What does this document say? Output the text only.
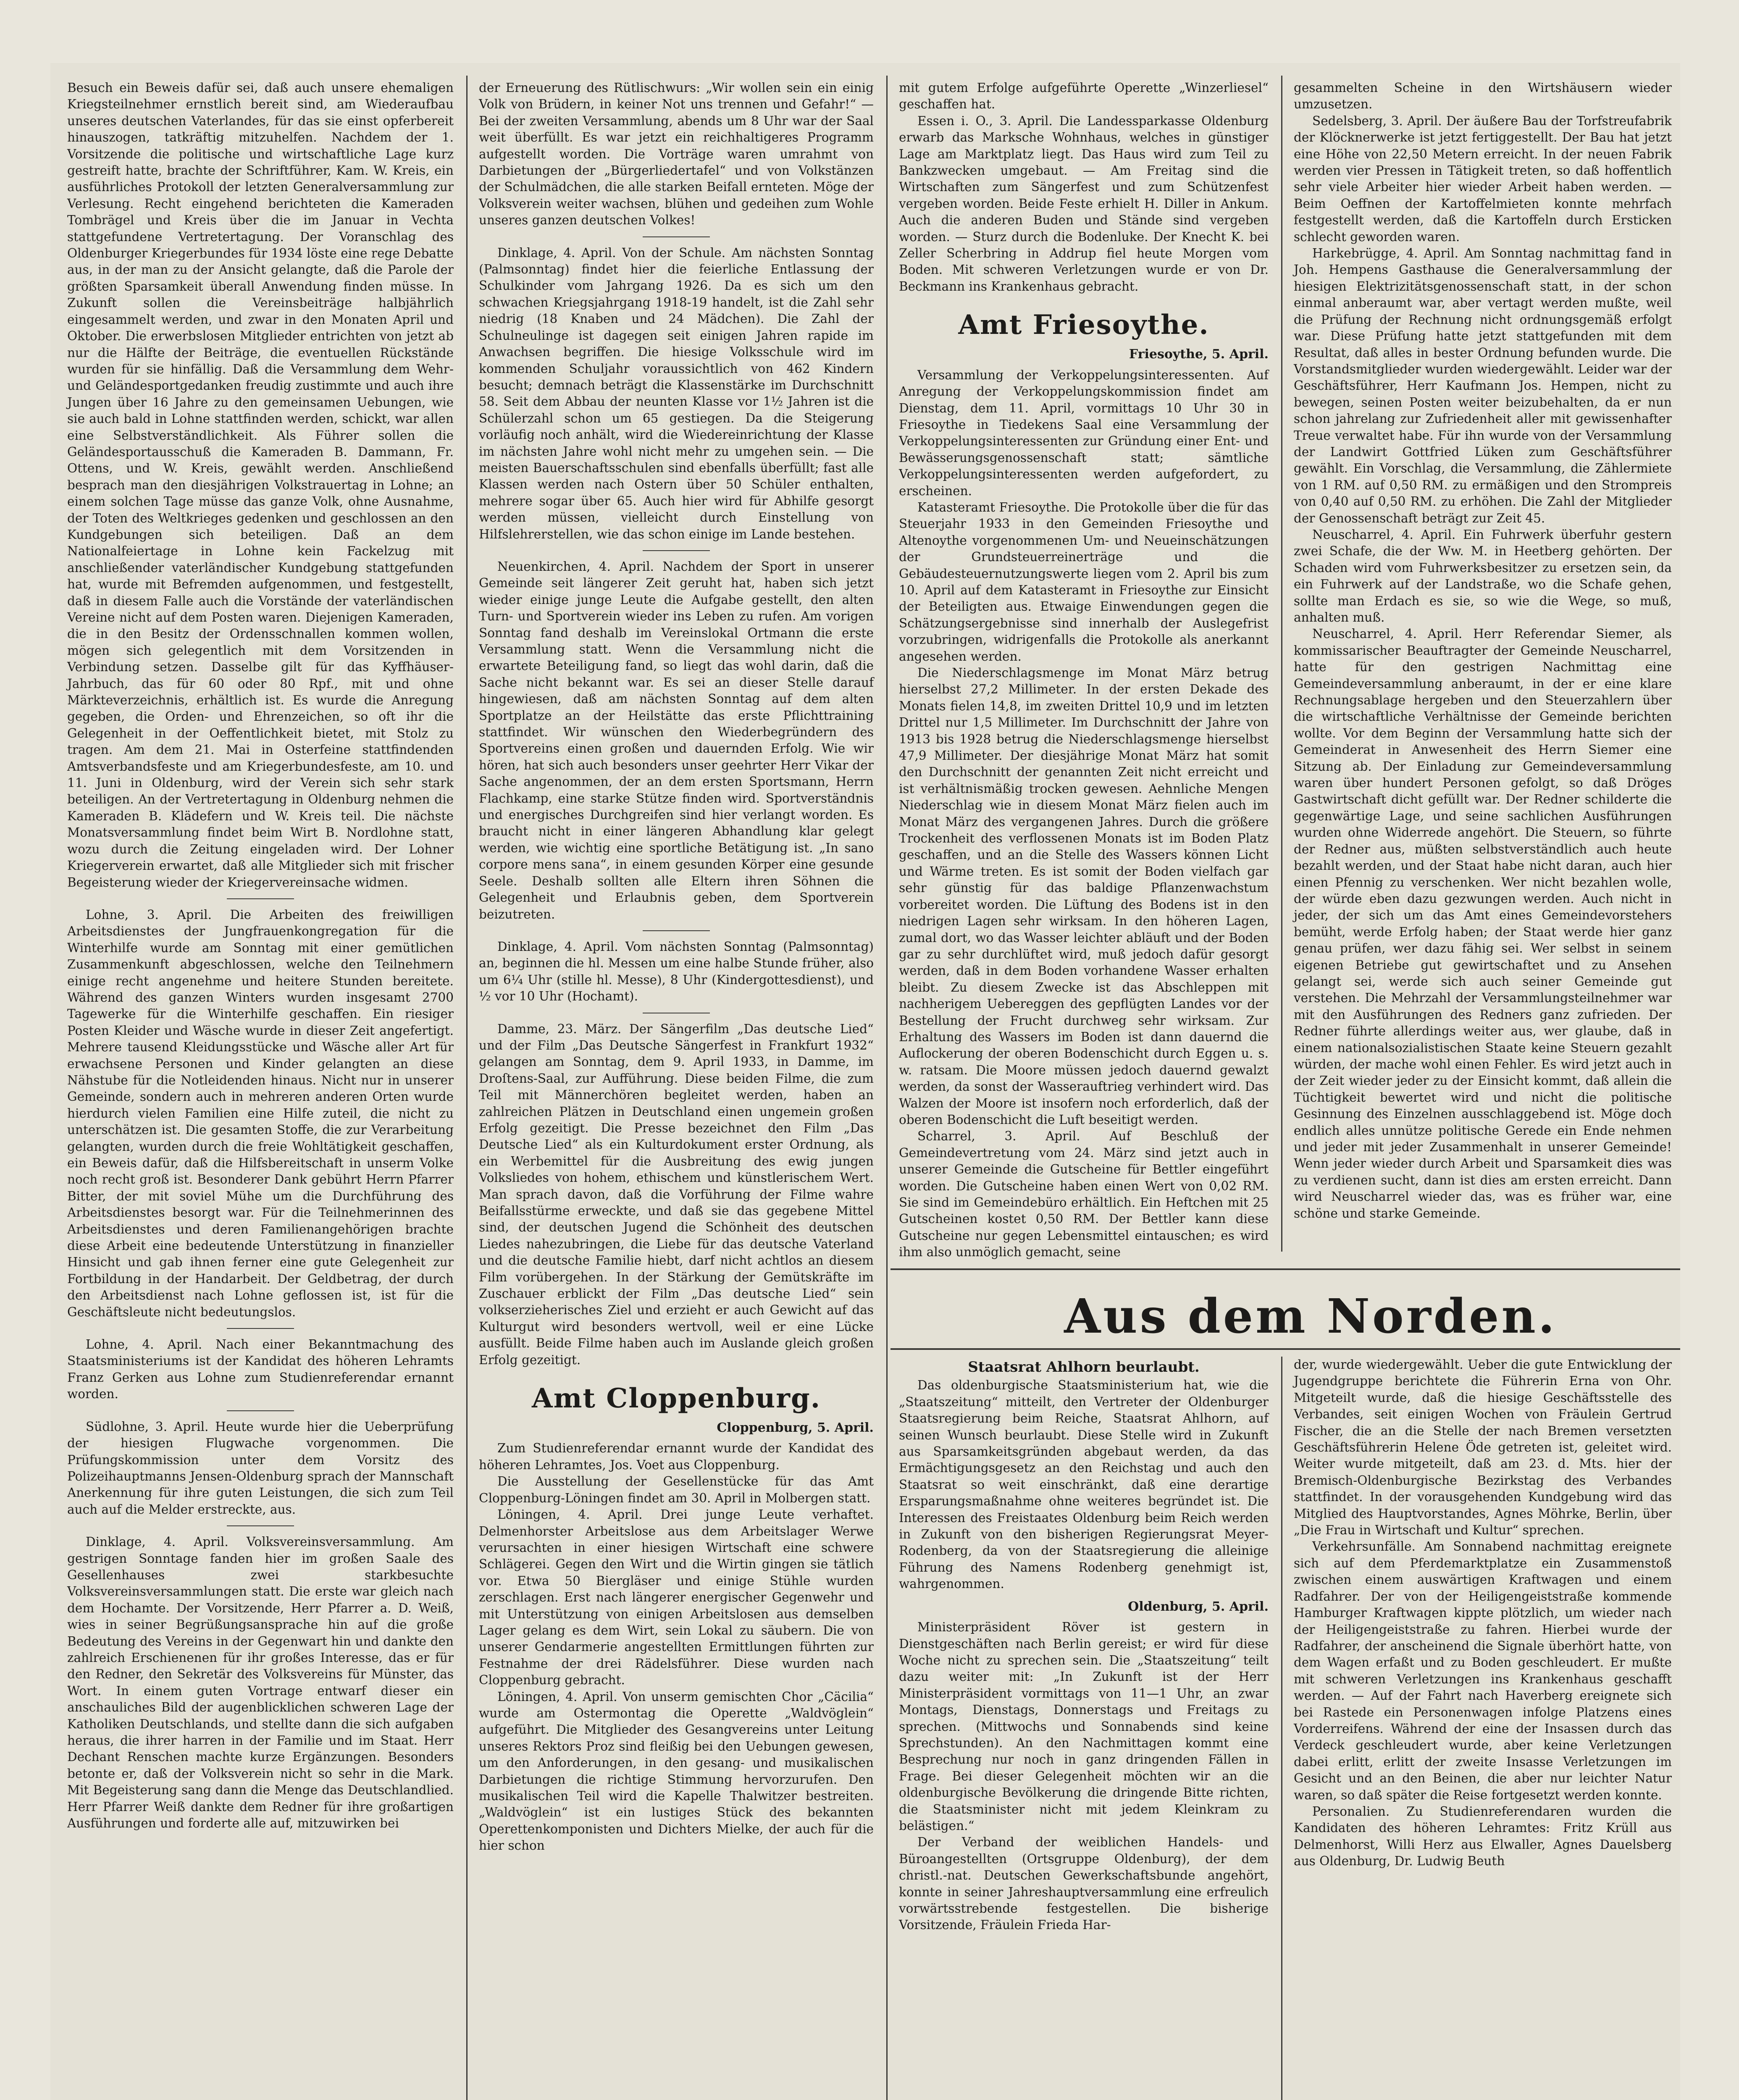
Besuch ein Beweis dafür sei, daß auch unsere ehemaligen Kriegsteilnehmer ernstlich bereit sind, am Wiederaufbau unseres deutschen Vaterlandes, für das sie einst opferbereit hinauszogen, tatkräftig mitzuhelfen. Nachdem der 1. Vorsitzende die politische und wirtschaftliche Lage kurz gestreift hatte, brachte der Schriftführer, Kam. W. Kreis, ein ausführliches Protokoll der letzten Generalversammlung zur Verlesung. Recht eingehend berichteten die Kameraden Tombrägel und Kreis über die im Januar in Vechta stattgefundene Vertretertagung. Der Voranschlag des Oldenburger Kriegerbundes für 1934 löste eine rege Debatte aus, in der man zu der Ansicht gelangte, daß die Parole der größten Sparsamkeit überall Anwendung finden müsse. In Zukunft sollen die Vereinsbeiträge halbjährlich eingesammelt werden, und zwar in den Monaten April und Oktober. Die erwerbslosen Mitglieder entrichten von jetzt ab nur die Hälfte der Beiträge, die eventuellen Rückstände wurden für sie hinfällig. Daß die Versammlung dem Wehr- und Geländesportgedanken freudig zustimmte und auch ihre Jungen über 16 Jahre zu den gemeinsamen Uebungen, wie sie auch bald in Lohne stattfinden werden, schickt, war allen eine Selbstverständlichkeit. Als Führer sollen die Geländesportausschuß die Kameraden B. Dammann, Fr. Ottens, und W. Kreis, gewählt werden. Anschließend besprach man den diesjährigen Volkstrauertag in Lohne; an einem solchen Tage müsse das ganze Volk, ohne Ausnahme, der Toten des Weltkrieges gedenken und geschlossen an den Kundgebungen sich beteiligen. Daß an dem Nationalfeiertage in Lohne kein Fackelzug mit anschließender vaterländischer Kundgebung stattgefunden hat, wurde mit Befremden aufgenommen, und festgestellt, daß in diesem Falle auch die Vorstände der vaterländischen Vereine nicht auf dem Posten waren. Diejenigen Kameraden, die in den Besitz der Ordensschnallen kommen wollen, mögen sich gelegentlich mit dem Vorsitzenden in Verbindung setzen. Dasselbe gilt für das Kyffhäuser-Jahrbuch, das für 60 oder 80 Rpf., mit und ohne Märkteverzeichnis, erhältlich ist. Es wurde die Anregung gegeben, die Orden- und Ehrenzeichen, so oft ihr die Gelegenheit in der Oeffentlichkeit bietet, mit Stolz zu tragen. Am dem 21. Mai in Osterfeine stattfindenden Amtsverbandsfeste und am Kriegerbundesfeste, am 10. und 11. Juni in Oldenburg, wird der Verein sich sehr stark beteiligen. An der Vertretertagung in Oldenburg nehmen die Kameraden B. Klädefern und W. Kreis teil. Die nächste Monatsversammlung findet beim Wirt B. Nordlohne statt, wozu durch die Zeitung eingeladen wird. Der Lohner Kriegerverein erwartet, daß alle Mitglieder sich mit frischer Begeisterung wieder der Kriegervereinsache widmen.

Lohne, 3. April. Die Arbeiten des freiwilligen Arbeitsdienstes der Jungfrauenkongregation für die Winterhilfe wurde am Sonntag mit einer gemütlichen Zusammenkunft abgeschlossen, welche den Teilnehmern einige recht angenehme und heitere Stunden bereitete. Während des ganzen Winters wurden insgesamt 2700 Tagewerke für die Winterhilfe geschaffen. Ein riesiger Posten Kleider und Wäsche wurde in dieser Zeit angefertigt. Mehrere tausend Kleidungsstücke und Wäsche aller Art für erwachsene Personen und Kinder gelangten an diese Nähstube für die Notleidenden hinaus. Nicht nur in unserer Gemeinde, sondern auch in mehreren anderen Orten wurde hierdurch vielen Familien eine Hilfe zuteil, die nicht zu unterschätzen ist. Die gesamten Stoffe, die zur Verarbeitung gelangten, wurden durch die freie Wohltätigkeit geschaffen, ein Beweis dafür, daß die Hilfsbereitschaft in unserm Volke noch recht groß ist. Besonderer Dank gebührt Herrn Pfarrer Bitter, der mit soviel Mühe um die Durchführung des Arbeitsdienstes besorgt war. Für die Teilnehmerinnen des Arbeitsdienstes und deren Familienangehörigen brachte diese Arbeit eine bedeutende Unterstützung in finanzieller Hinsicht und gab ihnen ferner eine gute Gelegenheit zur Fortbildung in der Handarbeit. Der Geldbetrag, der durch den Arbeitsdienst nach Lohne geflossen ist, ist für die Geschäftsleute nicht bedeutungslos.

Lohne, 4. April. Nach einer Bekanntmachung des Staatsministeriums ist der Kandidat des höheren Lehramts Franz Gerken aus Lohne zum Studienreferendar ernannt worden.

Südlohne, 3. April. Heute wurde hier die Ueberprüfung der hiesigen Flugwache vorgenommen. Die Prüfungskommission unter dem Vorsitz des Polizeihauptmanns Jensen-Oldenburg sprach der Mannschaft Anerkennung für ihre guten Leistungen, die sich zum Teil auch auf die Melder erstreckte, aus.

Dinklage, 4. April. Volksvereinsversammlung. Am gestrigen Sonntage fanden hier im großen Saale des Gesellenhauses zwei starkbesuchte Volksvereinsversammlungen statt. Die erste war gleich nach dem Hochamte. Der Vorsitzende, Herr Pfarrer a. D. Weiß, wies in seiner Begrüßungsansprache hin auf die große Bedeutung des Vereins in der Gegenwart hin und dankte den zahlreich Erschienenen für ihr großes Interesse, das er für den Redner, den Sekretär des Volksvereins für Münster, das Wort. In einem guten Vortrage entwarf dieser ein anschauliches Bild der augenblicklichen schweren Lage der Katholiken Deutschlands, und stellte dann die sich aufgaben heraus, die ihrer harren in der Familie und im Staat. Herr Dechant Renschen machte kurze Ergänzungen. Besonders betonte er, daß der Volksverein nicht so sehr in die Mark. Mit Begeisterung sang dann die Menge das Deutschlandlied. Herr Pfarrer Weiß dankte dem Redner für ihre großartigen Ausführungen und forderte alle auf, mitzuwirken bei

der Erneuerung des Rütlischwurs: „Wir wollen sein ein einig Volk von Brüdern, in keiner Not uns trennen und Gefahr!“ — Bei der zweiten Versammlung, abends um 8 Uhr war der Saal weit überfüllt. Es war jetzt ein reichhaltigeres Programm aufgestellt worden. Die Vorträge waren umrahmt von Darbietungen der „Bürgerliedertafel“ und von Volkstänzen der Schulmädchen, die alle starken Beifall ernteten. Möge der Volksverein weiter wachsen, blühen und gedeihen zum Wohle unseres ganzen deutschen Volkes!

Dinklage, 4. April. Von der Schule. Am nächsten Sonntag (Palmsonntag) findet hier die feierliche Entlassung der Schulkinder vom Jahrgang 1926. Da es sich um den schwachen Kriegsjahrgang 1918-19 handelt, ist die Zahl sehr niedrig (18 Knaben und 24 Mädchen). Die Zahl der Schulneulinge ist dagegen seit einigen Jahren rapide im Anwachsen begriffen. Die hiesige Volksschule wird im kommenden Schuljahr voraussichtlich von 462 Kindern besucht; demnach beträgt die Klassenstärke im Durchschnitt 58. Seit dem Abbau der neunten Klasse vor 1½ Jahren ist die Schülerzahl schon um 65 gestiegen. Da die Steigerung vorläufig noch anhält, wird die Wiedereinrichtung der Klasse im nächsten Jahre wohl nicht mehr zu umgehen sein. — Die meisten Bauerschaftsschulen sind ebenfalls überfüllt; fast alle Klassen werden nach Ostern über 50 Schüler enthalten, mehrere sogar über 65. Auch hier wird für Abhilfe gesorgt werden müssen, vielleicht durch Einstellung von Hilfslehrerstellen, wie das schon einige im Lande bestehen.

Neuenkirchen, 4. April. Nachdem der Sport in unserer Gemeinde seit längerer Zeit geruht hat, haben sich jetzt wieder einige junge Leute die Aufgabe gestellt, den alten Turn- und Sportverein wieder ins Leben zu rufen. Am vorigen Sonntag fand deshalb im Vereinslokal Ortmann die erste Versammlung statt. Wenn die Versammlung nicht die erwartete Beteiligung fand, so liegt das wohl darin, daß die Sache nicht bekannt war. Es sei an dieser Stelle darauf hingewiesen, daß am nächsten Sonntag auf dem alten Sportplatze an der Heilstätte das erste Pflichttraining stattfindet. Wir wünschen den Wiederbegründern des Sportvereins einen großen und dauernden Erfolg. Wie wir hören, hat sich auch besonders unser geehrter Herr Vikar der Sache angenommen, der an dem ersten Sportsmann, Herrn Flachkamp, eine starke Stütze finden wird. Sportverständnis und energisches Durchgreifen sind hier verlangt worden. Es braucht nicht in einer längeren Abhandlung klar gelegt werden, wie wichtig eine sportliche Betätigung ist. „In sano corpore mens sana“, in einem gesunden Körper eine gesunde Seele. Deshalb sollten alle Eltern ihren Söhnen die Gelegenheit und Erlaubnis geben, dem Sportverein beizutreten.

Dinklage, 4. April. Vom nächsten Sonntag (Palmsonntag) an, beginnen die hl. Messen um eine halbe Stunde früher, also um 6¼ Uhr (stille hl. Messe), 8 Uhr (Kindergottesdienst), und ½ vor 10 Uhr (Hochamt).

Damme, 23. März. Der Sängerfilm „Das deutsche Lied“ und der Film „Das Deutsche Sängerfest in Frankfurt 1932“ gelangen am Sonntag, dem 9. April 1933, in Damme, im Droſtens-Saal, zur Aufführung. Diese beiden Filme, die zum Teil mit Männerchören begleitet werden, haben an zahlreichen Plätzen in Deutschland einen ungemein großen Erfolg gezeitigt. Die Presse bezeichnet den Film „Das Deutsche Lied“ als ein Kulturdokument erster Ordnung, als ein Werbemittel für die Ausbreitung des ewig jungen Volksliedes von hohem, ethischem und künstlerischem Wert. Man sprach davon, daß die Vorführung der Filme wahre Beifallsstürme erweckte, und daß sie das gegebene Mittel sind, der deutschen Jugend die Schönheit des deutschen Liedes nahezubringen, die Liebe für das deutsche Vaterland und die deutsche Familie hiebt, darf nicht achtlos an diesem Film vorübergehen. In der Stärkung der Gemütskräfte im Zuschauer erblickt der Film „Das deutsche Lied“ sein volkserzieherisches Ziel und erzieht er auch Gewicht auf das Kulturgut wird besonders wertvoll, weil er eine Lücke ausfüllt. Beide Filme haben auch im Auslande gleich großen Erfolg gezeitigt.

Amt Cloppenburg.
Cloppenburg, 5. April.

Zum Studienreferendar ernannt wurde der Kandidat des höheren Lehramtes, Jos. Voet aus Cloppenburg.

Die Ausstellung der Gesellenstücke für das Amt Cloppenburg-Löningen findet am 30. April in Molbergen statt.

Löningen, 4. April. Drei junge Leute verhaftet. Delmenhorster Arbeitslose aus dem Arbeitslager Werwe verursachten in einer hiesigen Wirtschaft eine schwere Schlägerei. Gegen den Wirt und die Wirtin gingen sie tätlich vor. Etwa 50 Biergläser und einige Stühle wurden zerschlagen. Erst nach längerer energischer Gegenwehr und mit Unterstützung von einigen Arbeitslosen aus demselben Lager gelang es dem Wirt, sein Lokal zu säubern. Die von unserer Gendarmerie angestellten Ermittlungen führten zur Festnahme der drei Rädelsführer. Diese wurden nach Cloppenburg gebracht.

Löningen, 4. April. Von unserm gemischten Chor „Cäcilia“ wurde am Ostermontag die Operette „Waldvöglein“ aufgeführt. Die Mitglieder des Gesangvereins unter Leitung unseres Rektors Proz sind fleißig bei den Uebungen gewesen, um den Anforderungen, in den gesang- und musikalischen Darbietungen die richtige Stimmung hervorzurufen. Den musikalischen Teil wird die Kapelle Thalwitzer bestreiten. „Waldvöglein“ ist ein lustiges Stück des bekannten Operettenkomponisten und Dichters Mielke, der auch für die hier schon

mit gutem Erfolge aufgeführte Operette „Winzerliesel“ geschaffen hat.

Essen i. O., 3. April. Die Landessparkasse Oldenburg erwarb das Marksche Wohnhaus, welches in günstiger Lage am Marktplatz liegt. Das Haus wird zum Teil zu Bankzwecken umgebaut. — Am Freitag sind die Wirtschaften zum Sängerfest und zum Schützenfest vergeben worden. Beide Feste erhielt H. Diller in Ankum. Auch die anderen Buden und Stände sind vergeben worden. — Sturz durch die Bodenluke. Der Knecht K. bei Zeller Scherbring in Addrup fiel heute Morgen vom Boden. Mit schweren Verletzungen wurde er von Dr. Beckmann ins Krankenhaus gebracht.

Amt Friesoythe.
Friesoythe, 5. April.

Versammlung der Verkoppelungsinteressenten. Auf Anregung der Verkoppelungskommission findet am Dienstag, dem 11. April, vormittags 10 Uhr 30 in Friesoythe in Tiedekens Saal eine Versammlung der Verkoppelungsinteressenten zur Gründung einer Ent- und Bewässerungsgenossenschaft statt; sämtliche Verkoppelungsinteressenten werden aufgefordert, zu erscheinen.

Katasteramt Friesoythe. Die Protokolle über die für das Steuerjahr 1933 in den Gemeinden Friesoythe und Altenoythe vorgenommenen Um- und Neueinschätzungen der Grundsteuerreinerträge und die Gebäudesteuernutzungswerte liegen vom 2. April bis zum 10. April auf dem Katasteramt in Friesoythe zur Einsicht der Beteiligten aus. Etwaige Einwendungen gegen die Schätzungsergebnisse sind innerhalb der Auslegefrist vorzubringen, widrigenfalls die Protokolle als anerkannt angesehen werden.

Die Niederschlagsmenge im Monat März betrug hierselbst 27,2 Millimeter. In der ersten Dekade des Monats fielen 14,8, im zweiten Drittel 10,9 und im letzten Drittel nur 1,5 Millimeter. Im Durchschnitt der Jahre von 1913 bis 1928 betrug die Niederschlagsmenge hierselbst 47,9 Millimeter. Der diesjährige Monat März hat somit den Durchschnitt der genannten Zeit nicht erreicht und ist verhältnismäßig trocken gewesen. Aehnliche Mengen Niederschlag wie in diesem Monat März fielen auch im Monat März des vergangenen Jahres. Durch die größere Trockenheit des verflossenen Monats ist im Boden Platz geschaffen, und an die Stelle des Wassers können Licht und Wärme treten. Es ist somit der Boden vielfach gar sehr günstig für das baldige Pflanzenwachstum vorbereitet worden. Die Lüftung des Bodens ist in den niedrigen Lagen sehr wirksam. In den höheren Lagen, zumal dort, wo das Wasser leichter abläuft und der Boden gar zu sehr durchlüftet wird, muß jedoch dafür gesorgt werden, daß in dem Boden vorhandene Wasser erhalten bleibt. Zu diesem Zwecke ist das Abschleppen mit nachherigem Uebereggen des gepflügten Landes vor der Bestellung der Frucht durchweg sehr wirksam. Zur Erhaltung des Wassers im Boden ist dann dauernd die Auflockerung der oberen Bodenschicht durch Eggen u. s. w. ratsam. Die Moore müssen jedoch dauernd gewalzt werden, da sonst der Wasserauftrieg verhindert wird. Das Walzen der Moore ist insofern noch erforderlich, daß der oberen Bodenschicht die Luft beseitigt werden.

Scharrel, 3. April. Auf Beschluß der Gemeindevertretung vom 24. März sind jetzt auch in unserer Gemeinde die Gutscheine für Bettler eingeführt worden. Die Gutscheine haben einen Wert von 0,02 RM. Sie sind im Gemeindebüro erhältlich. Ein Heftchen mit 25 Gutscheinen kostet 0,50 RM. Der Bettler kann diese Gutscheine nur gegen Lebensmittel eintauschen; es wird ihm also unmöglich gemacht, seine

gesammelten Scheine in den Wirtshäusern wieder umzusetzen.

Sedelsberg, 3. April. Der äußere Bau der Torfstreufabrik der Klöcknerwerke ist jetzt fertiggestellt. Der Bau hat jetzt eine Höhe von 22,50 Metern erreicht. In der neuen Fabrik werden vier Pressen in Tätigkeit treten, so daß hoffentlich sehr viele Arbeiter hier wieder Arbeit haben werden. — Beim Oeffnen der Kartoffelmieten konnte mehrfach festgestellt werden, daß die Kartoffeln durch Ersticken schlecht geworden waren.

Harkebrügge, 4. April. Am Sonntag nachmittag fand in Joh. Hempens Gasthause die Generalversammlung der hiesigen Elektrizitätsgenossenschaft statt, in der schon einmal anberaumt war, aber vertagt werden mußte, weil die Prüfung der Rechnung nicht ordnungsgemäß erfolgt war. Diese Prüfung hatte jetzt stattgefunden mit dem Resultat, daß alles in bester Ordnung befunden wurde. Die Vorstandsmitglieder wurden wiedergewählt. Leider war der Geschäftsführer, Herr Kaufmann Jos. Hempen, nicht zu bewegen, seinen Posten weiter beizubehalten, da er nun schon jahrelang zur Zufriedenheit aller mit gewissenhafter Treue verwaltet habe. Für ihn wurde von der Versammlung der Landwirt Gottfried Lüken zum Geschäftsführer gewählt. Ein Vorschlag, die Versammlung, die Zählermiete von 1 RM. auf 0,50 RM. zu ermäßigen und den Strompreis von 0,40 auf 0,50 RM. zu erhöhen. Die Zahl der Mitglieder der Genossenschaft beträgt zur Zeit 45.

Neuscharrel, 4. April. Ein Fuhrwerk überfuhr gestern zwei Schafe, die der Ww. M. in Heetberg gehörten. Der Schaden wird vom Fuhrwerksbesitzer zu ersetzen sein, da ein Fuhrwerk auf der Landstraße, wo die Schafe gehen, sollte man Erdach es sie, so wie die Wege, so muß, anhalten muß.

Neuscharrel, 4. April. Herr Referendar Siemer, als kommissarischer Beauftragter der Gemeinde Neuscharrel, hatte für den gestrigen Nachmittag eine Gemeindeversammlung anberaumt, in der er eine klare Rechnungsablage hergeben und den Steuerzahlern über die wirtschaftliche Verhältnisse der Gemeinde berichten wollte. Vor dem Beginn der Versammlung hatte sich der Gemeinderat in Anwesenheit des Herrn Siemer eine Sitzung ab. Der Einladung zur Gemeindeversammlung waren über hundert Personen gefolgt, so daß Dröges Gastwirtschaft dicht gefüllt war. Der Redner schilderte die gegenwärtige Lage, und seine sachlichen Ausführungen wurden ohne Widerrede angehört. Die Steuern, so führte der Redner aus, müßten selbstverständlich auch heute bezahlt werden, und der Staat habe nicht daran, auch hier einen Pfennig zu verschenken. Wer nicht bezahlen wolle, der würde eben dazu gezwungen werden. Auch nicht in jeder, der sich um das Amt eines Gemeindevorstehers bemüht, werde Erfolg haben; der Staat werde hier ganz genau prüfen, wer dazu fähig sei. Wer selbst in seinem eigenen Betriebe gut gewirtschaftet und zu Ansehen gelangt sei, werde sich auch seiner Gemeinde gut verstehen. Die Mehrzahl der Versammlungsteilnehmer war mit den Ausführungen des Redners ganz zufrieden. Der Redner führte allerdings weiter aus, wer glaube, daß in einem nationalsozialistischen Staate keine Steuern gezahlt würden, der mache wohl einen Fehler. Es wird jetzt auch in der Zeit wieder jeder zu der Einsicht kommt, daß allein die Tüchtigkeit bewertet wird und nicht die politische Gesinnung des Einzelnen ausschlaggebend ist. Möge doch endlich alles unnütze politische Gerede ein Ende nehmen und jeder mit jeder Zusammenhalt in unserer Gemeinde! Wenn jeder wieder durch Arbeit und Sparsamkeit dies was zu verdienen sucht, dann ist dies am ersten erreicht. Dann wird Neuscharrel wieder das, was es früher war, eine schöne und starke Gemeinde.

Aus dem Norden.
Staatsrat Ahlhorn beurlaubt.

Das oldenburgische Staatsministerium hat, wie die „Staatszeitung“ mitteilt, den Vertreter der Oldenburger Staatsregierung beim Reiche, Staatsrat Ahlhorn, auf seinen Wunsch beurlaubt. Diese Stelle wird in Zukunft aus Sparsamkeitsgründen abgebaut werden, da das Ermächtigungsgesetz an den Reichstag und auch den Staatsrat so weit einschränkt, daß eine derartige Ersparungsmaßnahme ohne weiteres begründet ist. Die Interessen des Freistaates Oldenburg beim Reich werden in Zukunft von den bisherigen Regierungsrat Meyer-Rodenberg, da von der Staatsregierung die alleinige Führung des Namens Rodenberg genehmigt ist, wahrgenommen.

Oldenburg, 5. April.

Ministerpräsident Röver ist gestern in Dienstgeschäften nach Berlin gereist; er wird für diese Woche nicht zu sprechen sein. Die „Staatszeitung“ teilt dazu weiter mit: „In Zukunft ist der Herr Ministerpräsident vormittags von 11—1 Uhr, an zwar Montags, Dienstags, Donnerstags und Freitags zu sprechen. (Mittwochs und Sonnabends sind keine Sprechstunden). An den Nachmittagen kommt eine Besprechung nur noch in ganz dringenden Fällen in Frage. Bei dieser Gelegenheit möchten wir an die oldenburgische Bevölkerung die dringende Bitte richten, die Staatsminister nicht mit jedem Kleinkram zu belästigen.“

Der Verband der weiblichen Handels- und Büroangestellten (Ortsgruppe Oldenburg), der dem christl.-nat. Deutschen Gewerkschaftsbunde angehört, konnte in seiner Jahreshauptversammlung eine erfreulich vorwärtsstrebende festgestellen. Die bisherige Vorsitzende, Fräulein Frieda Har-

der, wurde wiedergewählt. Ueber die gute Entwicklung der Jugendgruppe berichtete die Führerin Erna von Ohr. Mitgeteilt wurde, daß die hiesige Geschäftsstelle des Verbandes, seit einigen Wochen von Fräulein Gertrud Fischer, die an die Stelle der nach Bremen versetzten Geschäftsführerin Helene Öde getreten ist, geleitet wird. Weiter wurde mitgeteilt, daß am 23. d. Mts. hier der Bremisch-Oldenburgische Bezirkstag des Verbandes stattfindet. In der vorausgehenden Kundgebung wird das Mitglied des Hauptvorstandes, Agnes Möhrke, Berlin, über „Die Frau in Wirtschaft und Kultur“ sprechen.

Verkehrsunfälle. Am Sonnabend nachmittag ereignete sich auf dem Pferdemarktplatze ein Zusammenstoß zwischen einem auswärtigen Kraftwagen und einem Radfahrer. Der von der Heiligengeiststraße kommende Hamburger Kraftwagen kippte plötzlich, um wieder nach der Heiligengeiststraße zu fahren. Hierbei wurde der Radfahrer, der anscheinend die Signale überhört hatte, von dem Wagen erfaßt und zu Boden geschleudert. Er mußte mit schweren Verletzungen ins Krankenhaus geschafft werden. — Auf der Fahrt nach Haverberg ereignete sich bei Rastede ein Personenwagen infolge Platzens eines Vorderreifens. Während der eine der Insassen durch das Verdeck geschleudert wurde, aber keine Verletzungen dabei erlitt, erlitt der zweite Insasse Verletzungen im Gesicht und an den Beinen, die aber nur leichter Natur waren, so daß später die Reise fortgesetzt werden konnte.

Personalien. Zu Studienreferendaren wurden die Kandidaten des höheren Lehramtes: Fritz Krüll aus Delmenhorst, Willi Herz aus Elwaller, Agnes Dauelsberg aus Oldenburg, Dr. Ludwig Beuth
